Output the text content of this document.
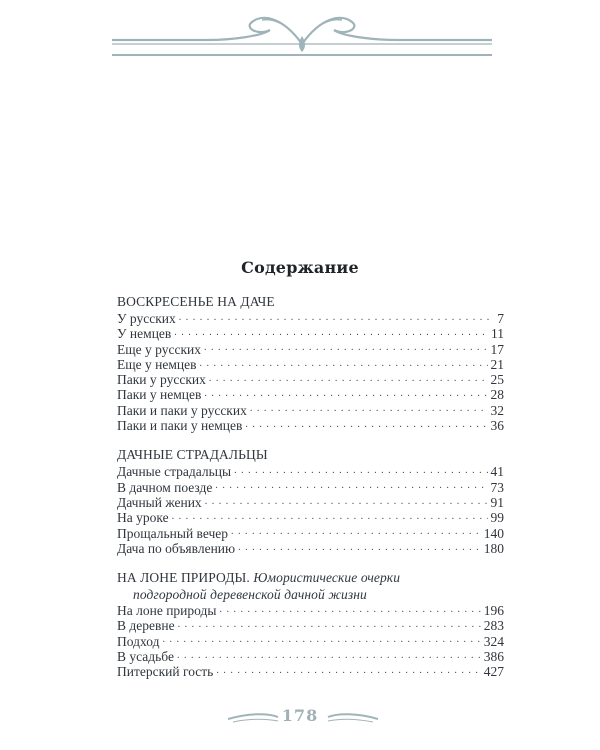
Содержание
ВОСКРЕСЕНЬЕ НА ДАЧЕ
У русских . . .	7
У немцев . . .	11
Еще у русских . . .	17
Еще у немцев . . .	21
Паки у русских . . .	25
Паки у немцев . . .	28
Паки и паки у русских . . .	32
Паки и паки у немцев . . .	36
ДАЧНЫЕ СТРАДАЛЬЦЫ
Дачные страдальцы . . .	41
В дачном поезде . . .	73
Дачный жених . . .	91
На уроке . . .	99
Прощальный вечер . . .	140
Дача по объявлению . . .	180
НА ЛОНЕ ПРИРОДЫ. Юмористические очерки
подгородной деревенской дачной жизни
На лоне природы . . .	196
В деревне . . .	283
Подход . . .	324
В усадьбе . . .	386
Питерский гость . . .	427
178
